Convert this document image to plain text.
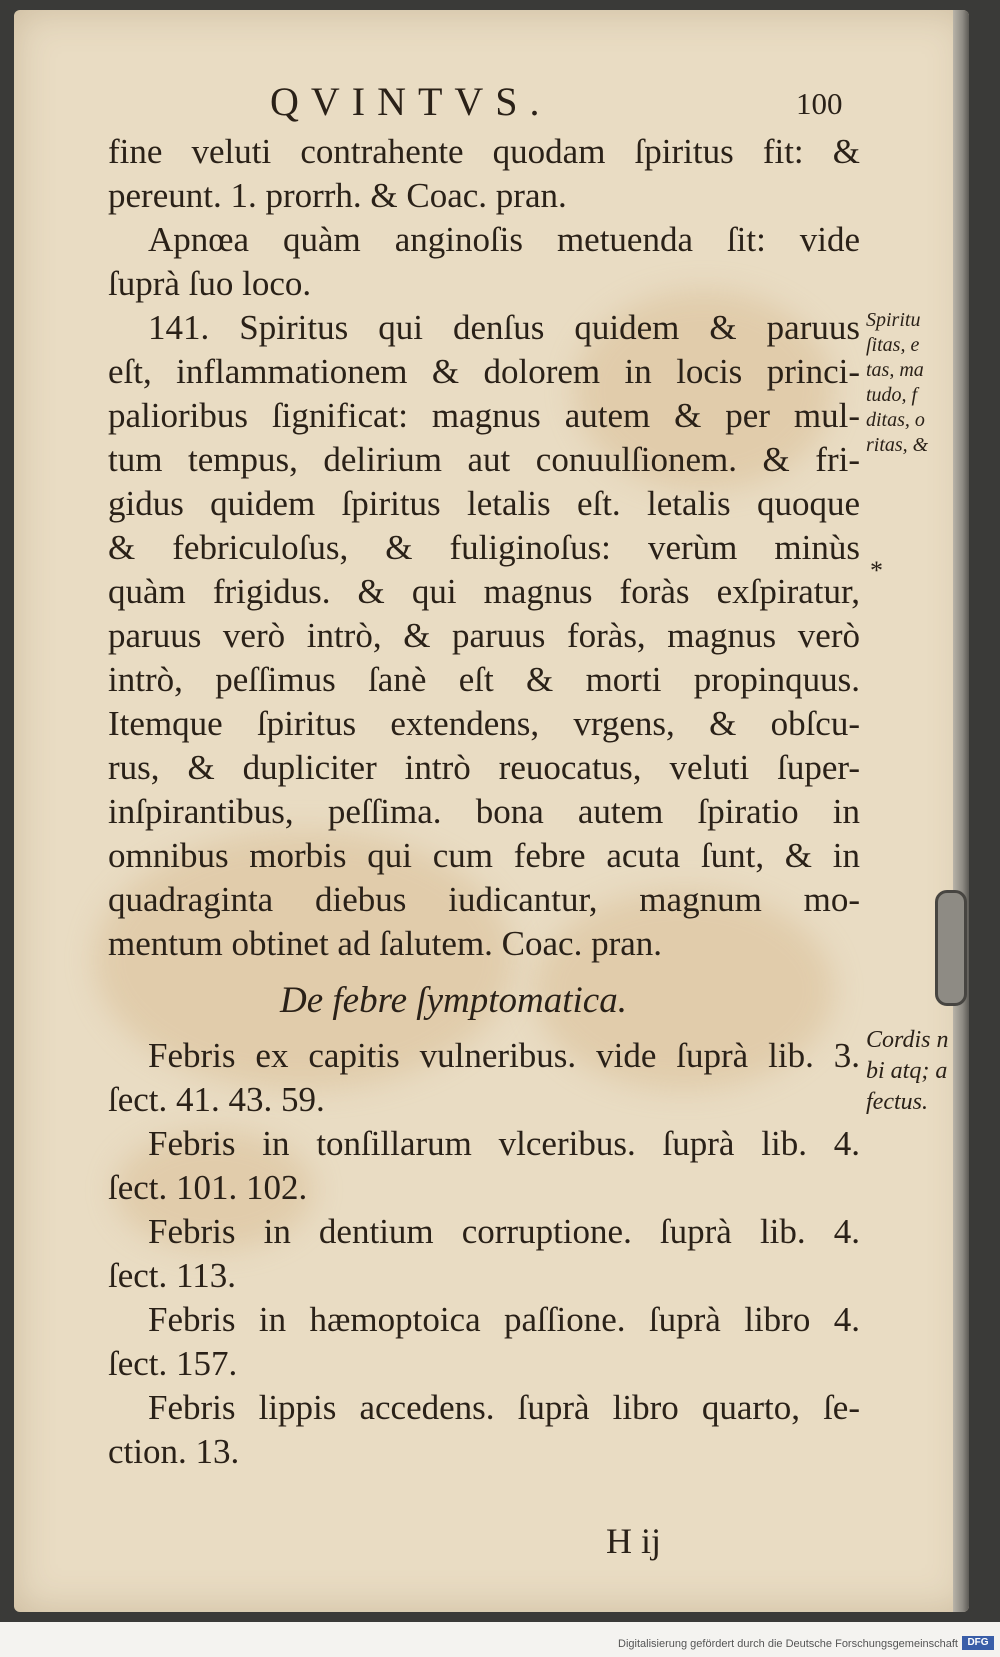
QVINTVS.	100
fine veluti contrahente quodam ſpiritus fit: &
pereunt. 1. prorrh. & Coac. pran.
Apnœa quàm anginoſis metuenda ſit: vide
ſuprà ſuo loco.
141. Spiritus qui denſus quidem & paruus
eſt, inflammationem & dolorem in locis princi-
palioribus ſignificat: magnus autem & per mul-
tum tempus, delirium aut conuulſionem. & fri-
gidus quidem ſpiritus letalis eſt. letalis quoque
& febriculoſus, & fuliginoſus: verùm minùs
quàm frigidus. & qui magnus foràs exſpiratur,
paruus verò intrò, & paruus foràs, magnus verò
intrò, peſſimus ſanè eſt & morti propinquus.
Itemque ſpiritus extendens, vrgens, & obſcu-
rus, & dupliciter intrò reuocatus, veluti ſuper-
inſpirantibus, peſſima. bona autem ſpiratio in
omnibus morbis qui cum febre acuta ſunt, & in
quadraginta diebus iudicantur, magnum mo-
mentum obtinet ad ſalutem. Coac. pran.
De febre ſymptomatica.
Febris ex capitis vulneribus. vide ſuprà lib. 3.
ſect. 41. 43. 59.
Febris in tonſillarum vlceribus. ſuprà lib. 4.
ſect. 101. 102.
Febris in dentium corruptione. ſuprà lib. 4.
ſect. 113.
Febris in hæmoptoica paſſione. ſuprà libro 4.
ſect. 157.
Febris lippis accedens. ſuprà libro quarto, ſe-
ction. 13.
H ij
Spiritu
ſitas, e
tas, ma
tudo, f
ditas, o
ritas, &
*
Cordis n
bi atq; a
fectus.
Digitalisierung gefördert durch die Deutsche Forschungsgemeinschaft DFG
